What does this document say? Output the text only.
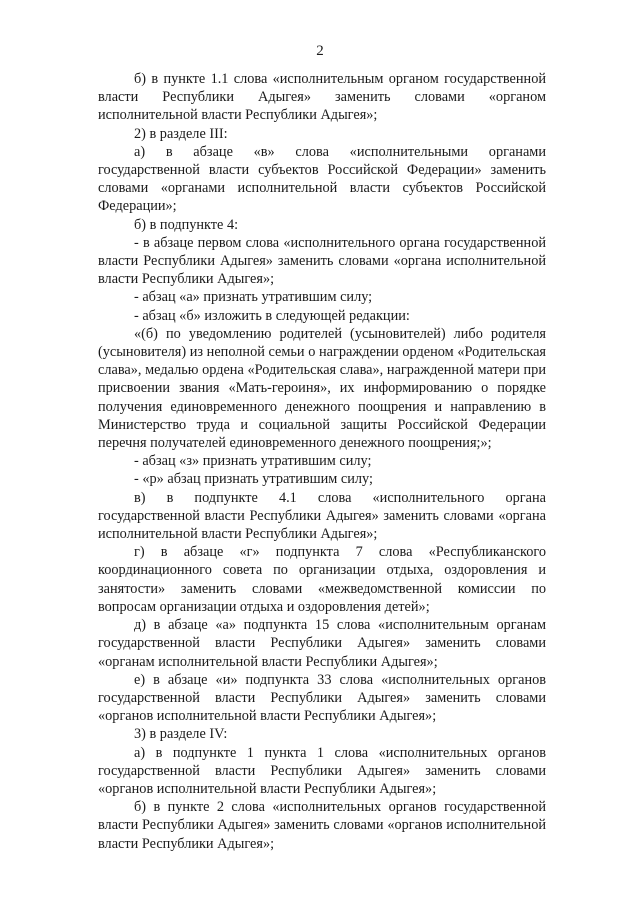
2

б) в пункте 1.1 слова «исполнительным органом государственной власти Республики Адыгея» заменить словами «органом исполнительной власти Республики Адыгея»;

2) в разделе III:

а) в абзаце «в» слова «исполнительными органами государственной власти субъектов Российской Федерации» заменить словами «органами исполнительной власти субъектов Российской Федерации»;

б) в подпункте 4:

- в абзаце первом слова «исполнительного органа государственной власти Республики Адыгея» заменить словами «органа исполнительной власти Республики Адыгея»;

- абзац «а» признать утратившим силу;

- абзац «б» изложить в следующей редакции:

«(б) по уведомлению родителей (усыновителей) либо родителя (усыновителя) из неполной семьи о награждении орденом «Родительская слава», медалью ордена «Родительская слава», награжденной матери при присвоении звания «Мать-героиня», их информированию о порядке получения единовременного денежного поощрения и направлению в Министерство труда и социальной защиты Российской Федерации перечня получателей единовременного денежного поощрения;»;

- абзац «з» признать утратившим силу;

- «р» абзац признать утратившим силу;

в) в подпункте 4.1 слова «исполнительного органа государственной власти Республики Адыгея» заменить словами «органа исполнительной власти Республики Адыгея»;

г) в абзаце «г» подпункта 7 слова «Республиканского координационного совета по организации отдыха, оздоровления и занятости» заменить словами «межведомственной комиссии по вопросам организации отдыха и оздоровления детей»;

д) в абзаце «а» подпункта 15 слова «исполнительным органам государственной власти Республики Адыгея» заменить словами «органам исполнительной власти Республики Адыгея»;

е) в абзаце «и» подпункта 33 слова «исполнительных органов государственной власти Республики Адыгея» заменить словами «органов исполнительной власти Республики Адыгея»;

3) в разделе IV:

а) в подпункте 1 пункта 1 слова «исполнительных органов государственной власти Республики Адыгея» заменить словами «органов исполнительной власти Республики Адыгея»;

б) в пункте 2 слова «исполнительных органов государственной власти Республики Адыгея» заменить словами «органов исполнительной власти Республики Адыгея»;
